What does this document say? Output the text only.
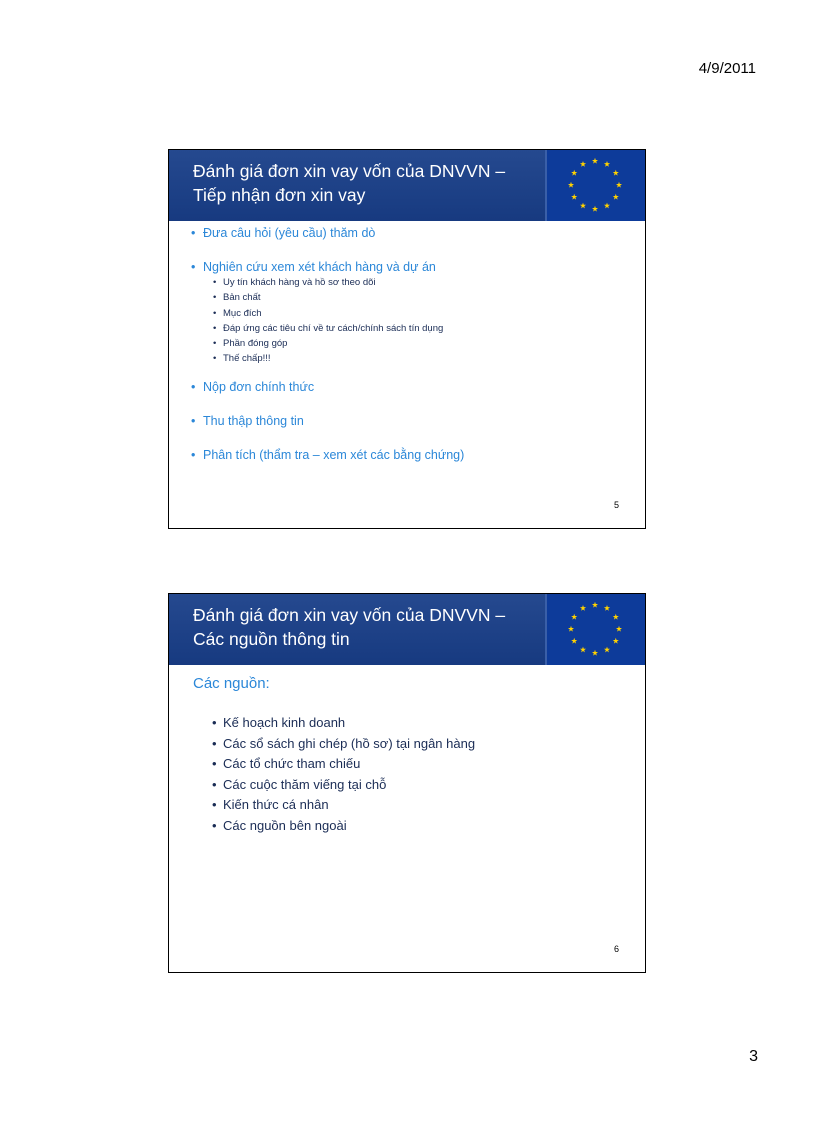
4/9/2011
Đánh giá đơn xin vay vốn của DNVVN –
Tiếp nhận đơn xin vay
• Đưa câu hỏi (yêu cầu) thăm dò
• Nghiên cứu xem xét khách hàng và dự án
• Uy tín khách hàng và hồ sơ theo dõi
• Bản chất
• Mục đích
• Đáp ứng các tiêu chí về tư cách/chính sách tín dụng
• Phần đóng góp
• Thế chấp!!!
• Nộp đơn chính thức
• Thu thập thông tin
• Phân tích (thẩm tra – xem xét các bằng chứng)
5
Đánh giá đơn xin vay vốn của DNVVN –
Các nguồn thông tin
Các nguồn:
• Kế hoạch kinh doanh
• Các sổ sách ghi chép (hồ sơ) tại ngân hàng
• Các tổ chức tham chiếu
• Các cuộc thăm viếng tại chỗ
• Kiến thức cá nhân
• Các nguồn bên ngoài
6
3
